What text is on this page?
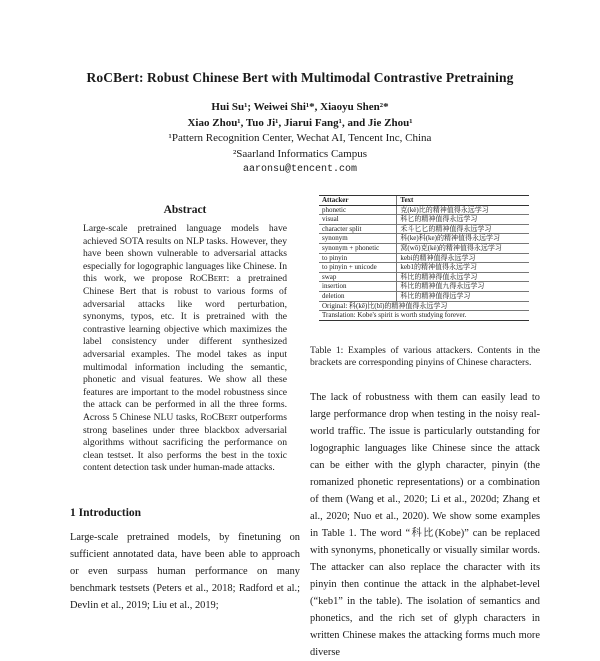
RoCBert: Robust Chinese Bert with Multimodal Contrastive Pretraining
Hui Su¹; Weiwei Shi¹*, Xiaoyu Shen²*
Xiao Zhou¹, Tuo Ji¹, Jiarui Fang¹, and Jie Zhou¹
¹Pattern Recognition Center, Wechat AI, Tencent Inc, China
²Saarland Informatics Campus
aaronsu@tencent.com
Abstract
Large-scale pretrained language models have achieved SOTA results on NLP tasks. However, they have been shown vulnerable to adversarial attacks especially for logographic languages like Chinese. In this work, we propose RoCBert: a pretrained Chinese Bert that is robust to various forms of adversarial attacks like word perturbation, synonyms, typos, etc. It is pretrained with the contrastive learning objective which maximizes the label consistency under different synthesized adversarial examples. The model takes as input multimodal information including the semantic, phonetic and visual features. We show all these features are important to the model robustness since the attack can be performed in all the three forms. Across 5 Chinese NLU tasks, RoCBert outperforms strong baselines under three blackbox adversarial algorithms without sacrificing the performance on clean testset. It also performs the best in the toxic content detection task under human-made attacks.
1 Introduction
Large-scale pretrained models, by finetuning on sufficient annotated data, have been able to approach or even surpass human performance on many benchmark testsets (Peters et al., 2018; Radford et al.; Devlin et al., 2019; Liu et al., 2019;
Attacker	Text
phonetic	克(kè)比的精神值得永远学习
visual	科匕的精神值得永远学习
character split	禾斗匕匕的精神值得永远学习
synonym	科(ke)科(ke)的精神值得永远学习
synonym + phonetic	窝(wō)克(kè)的精神值得永远学习
to pinyin	kebi的精神值得永远学习
to pinyin + unicode	keb1的精神值得永远学习
swap	科比的精神得值永远学习
insertion	科比的精神值九得永远学习
deletion	科比的精神值得远学习
Original: 科(kē)比(bǐ)的精神值得永远学习	
Translation: Kobe's spirit is worth studying forever.	
Table 1: Examples of various attackers. Contents in the brackets are corresponding pinyins of Chinese characters.
The lack of robustness with them can easily lead to large performance drop when testing in the noisy real-world traffic. The issue is particularly outstanding for logographic languages like Chinese since the attack can be either with the glyph character, pinyin (the romanized phonetic representations) or a combination of them (Wang et al., 2020; Li et al., 2020d; Zhang et al., 2020; Nuo et al., 2020). We show some examples in Table 1. The word “科比(Kobe)” can be replaced with synonyms, phonetically or visually similar words. The attacker can also replace the character with its pinyin then continue the attack in the alphabet-level (“keb1” in the table). The isolation of semantics and phonetics, and the rich set of glyph characters in written Chinese makes the attacking forms much more diverse
